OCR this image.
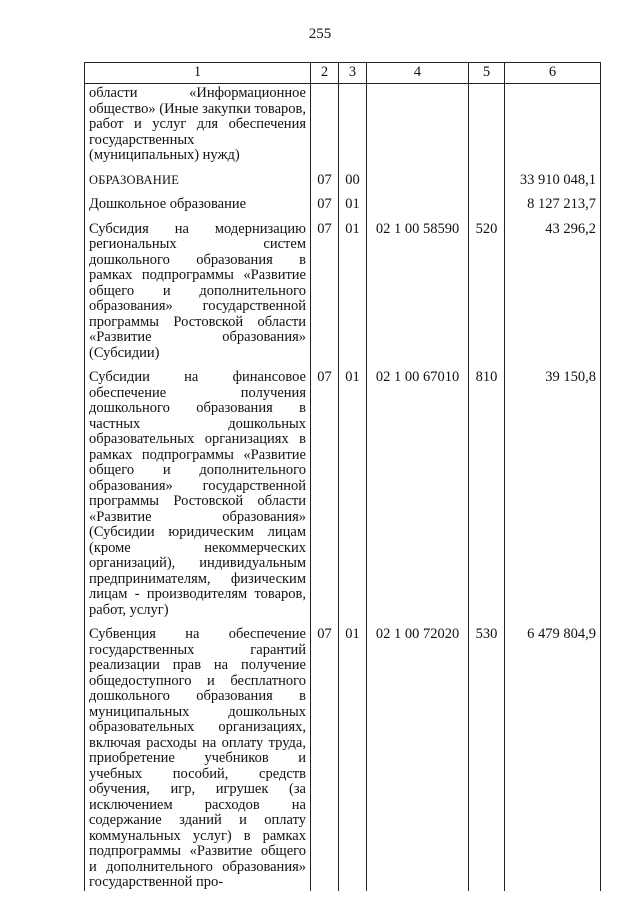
255
1	2	3	4	5	6
области «Информационное общество» (Иные закупки товаров, работ и услуг для обеспечения государственных (муниципальных) нужд)					
ОБРАЗОВАНИЕ	07	00			33 910 048,1
Дошкольное образование	07	01			8 127 213,7
Субсидия на модернизацию региональных систем дошкольного образования в рамках подпрограммы «Развитие общего и дополнительного образования» государственной программы Ростовской области «Развитие образования» (Субсидии)	07	01	02 1 00 58590	520	43 296,2
Субсидии на финансовое обеспечение получения дошкольного образования в частных дошкольных образовательных организациях в рамках подпрограммы «Развитие общего и дополнительного образования» государственной программы Ростовской области «Развитие образования» (Субсидии юридическим лицам (кроме некоммерческих организаций), индивидуальным предпринимателям, физическим лицам - производителям товаров, работ, услуг)	07	01	02 1 00 67010	810	39 150,8
Субвенция на обеспечение государственных гарантий реализации прав на получение общедоступного и бесплатного дошкольного образования в муниципальных дошкольных образовательных организациях, включая расходы на оплату труда, приобретение учебников и учебных пособий, средств обучения, игр, игрушек (за исключением расходов на содержание зданий и оплату коммунальных услуг) в рамках подпрограммы «Развитие общего и дополнительного образования» государственной про-	07	01	02 1 00 72020	530	6 479 804,9
